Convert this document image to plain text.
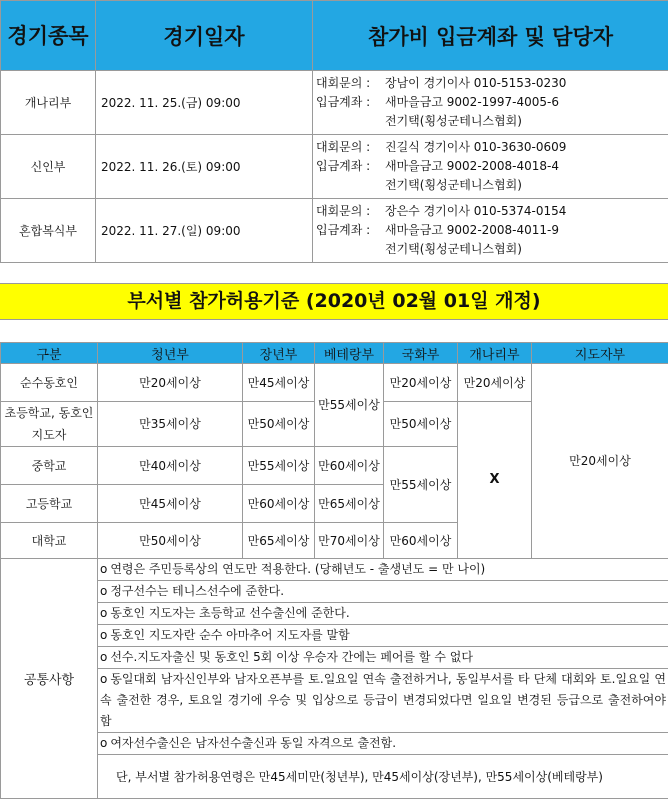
경기종목	경기일자	참가비 입금계좌 및 담당자
개나리부	2022. 11. 25.(금) 09:00	대회문의 : 장남이 경기이사 010-5153-0230
입금계좌 : 새마을금고 9002-1997-4005-6
전기택(횡성군테니스협회)

신인부	2022. 11. 26.(토) 09:00	대회문의 : 진길식 경기이사 010-3630-0609
입금계좌 : 새마을금고 9002-2008-4018-4
전기택(횡성군테니스협회)

혼합복식부	2022. 11. 27.(일) 09:00	대회문의 : 장은수 경기이사 010-5374-0154
입금계좌 : 새마을금고 9002-2008-4011-9
전기택(횡성군테니스협회)
부서별 참가허용기준 (2020년 02월 01일 개정)
구분	청년부	장년부	베테랑부	국화부	개나리부	지도자부
순수동호인	만20세이상	만45세이상	만55세이상	만20세이상	만20세이상	만20세이상
초등학교, 동호인지도자	만35세이상	만50세이상		만50세이상	X	
중학교	만40세이상	만55세이상	만60세이상	만55세이상		
고등학교	만45세이상	만60세이상	만65세이상			
대학교	만50세이상	만65세이상	만70세이상	만60세이상		
공통사항	o 연령은 주민등록상의 연도만 적용한다. (당해년도 - 출생년도 = 만 나이)
o 정구선수는 테니스선수에 준한다.
o 동호인 지도자는 초등학교 선수출신에 준한다.
o 동호인 지도자란 순수 아마추어 지도자를 말함
o 선수.지도자출신 및 동호인 5회 이상 우승자 간에는 페어를 할 수 없다
o 동일대회 남자신인부와 남자오픈부를 토.일요일 연속 출전하거나, 동일부서를 타 단체 대회와 토.일요일 연속 출전한 경우, 토요일 경기에 우승 및 입상으로 등급이 변경되었다면 일요일 변경된 등급으로 출전하여야 함
o 여자선수출신은 남자선수출신과 동일 자격으로 출전함.
단, 부서별 참가허용연령은 만45세미만(청년부), 만45세이상(장년부), 만55세이상(베테랑부)
